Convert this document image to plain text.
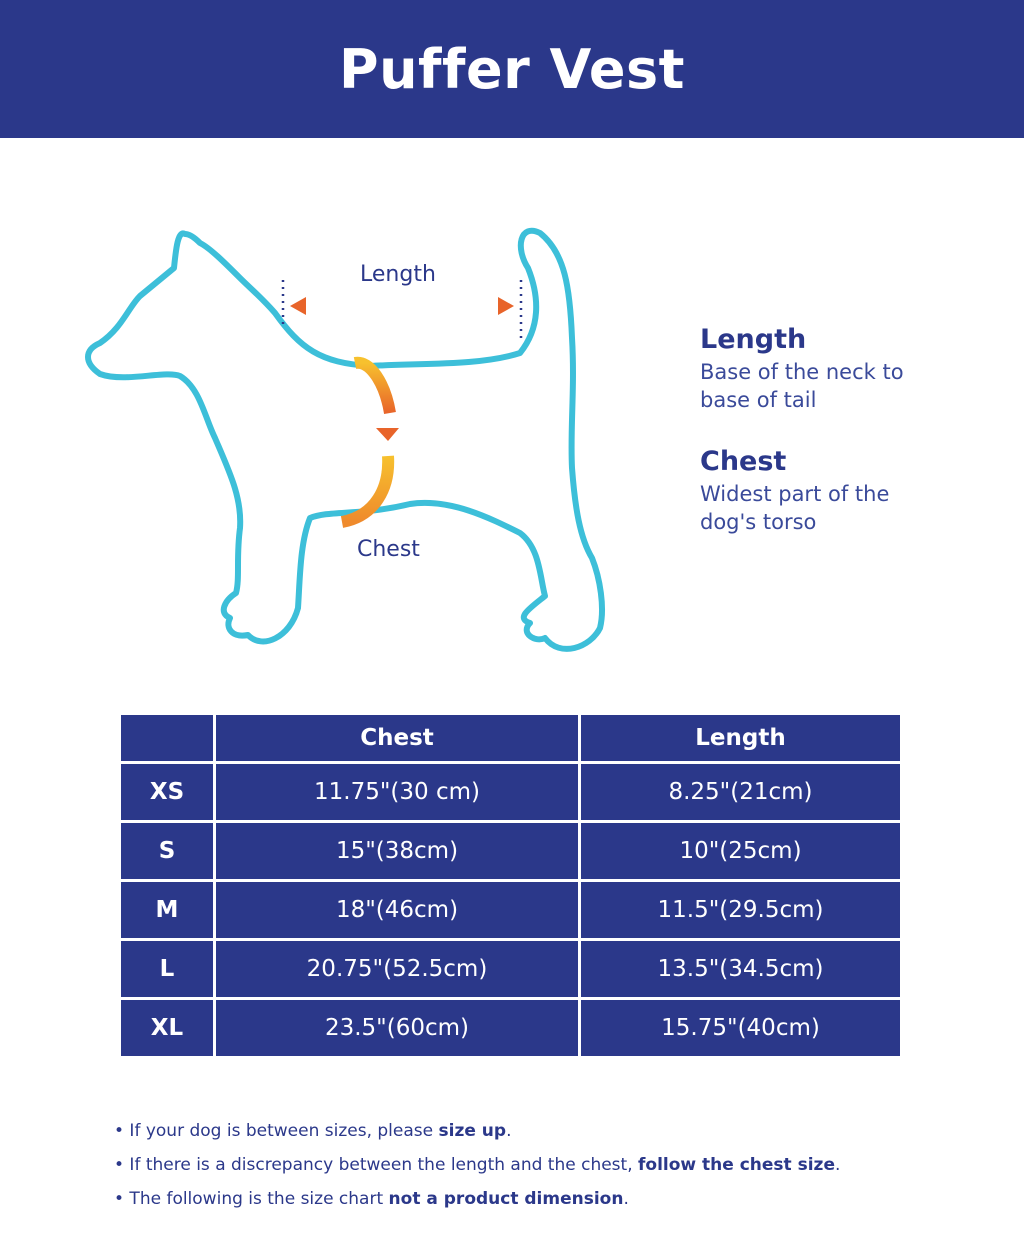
Puffer Vest
Length
Chest

Length

Base of the neck to
base of tail

Chest

Widest part of the
dog's torso

	Chest	Length
XS	11.75"(30 cm)	8.25"(21cm)
S	15"(38cm)	10"(25cm)
M	18"(46cm)	11.5"(29.5cm)
L	20.75"(52.5cm)	13.5"(34.5cm)
XL	23.5"(60cm)	15.75"(40cm)
• If your dog is between sizes, please size up.
• If there is a discrepancy between the length and the chest, follow the chest size.
• The following is the size chart not a product dimension.
